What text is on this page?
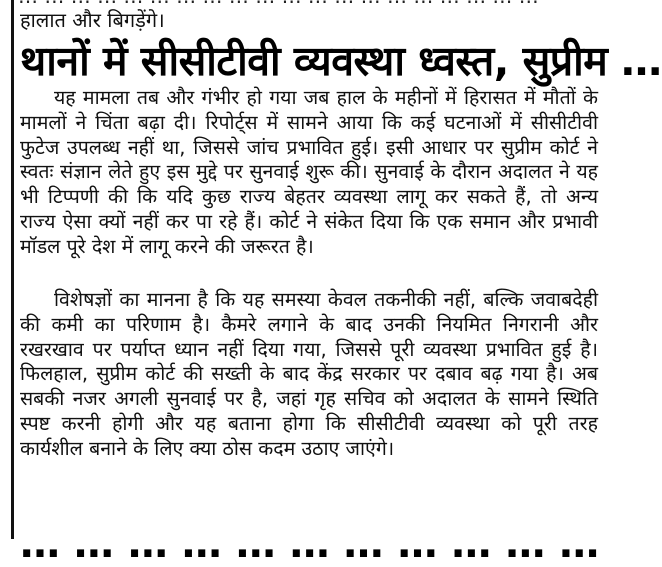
हालात और बिगड़ेंगे।
थानों में सीसीटीवी व्यवस्था ध्वस्त, सुप्रीम …

यह मामला तब और गंभीर हो गया जब हाल के महीनों में हिरासत में मौतों के मामलों ने चिंता बढ़ा दी। रिपोर्ट्स में सामने आया कि कई घटनाओं में सीसीटीवी फुटेज उपलब्ध नहीं था, जिससे जांच प्रभावित हुई। इसी आधार पर सुप्रीम कोर्ट ने स्वतः संज्ञान लेते हुए इस मुद्दे पर सुनवाई शुरू की। सुनवाई के दौरान अदालत ने यह भी टिप्पणी की कि यदि कुछ राज्य बेहतर व्यवस्था लागू कर सकते हैं, तो अन्य राज्य ऐसा क्यों नहीं कर पा रहे हैं। कोर्ट ने संकेत दिया कि एक समान और प्रभावी मॉडल पूरे देश में लागू करने की जरूरत है।

विशेषज्ञों का मानना है कि यह समस्या केवल तकनीकी नहीं, बल्कि जवाबदेही की कमी का परिणाम है। कैमरे लगाने के बाद उनकी नियमित निगरानी और रखरखाव पर पर्याप्त ध्यान नहीं दिया गया, जिससे पूरी व्यवस्था प्रभावित हुई है। फिलहाल, सुप्रीम कोर्ट की सख्ती के बाद केंद्र सरकार पर दबाव बढ़ गया है। अब सबकी नजर अगली सुनवाई पर है, जहां गृह सचिव को अदालत के सामने स्थिति स्पष्ट करनी होगी और यह बताना होगा कि सीसीटीवी व्यवस्था को पूरी तरह कार्यशील बनाने के लिए क्या ठोस कदम उठाए जाएंगे।

… … … … … … … … … … …
